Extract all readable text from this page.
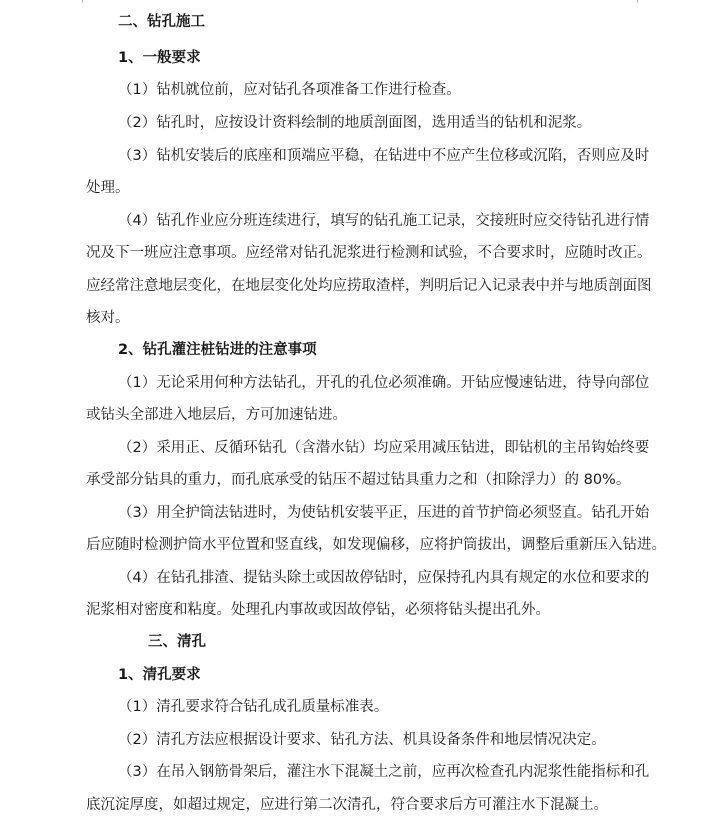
二、钻孔施工
1、一般要求
（1）钻机就位前，应对钻孔各项准备工作进行检查。
（2）钻孔时，应按设计资料绘制的地质剖面图，选用适当的钻机和泥浆。
（3）钻机安装后的底座和顶端应平稳，在钻进中不应产生位移或沉陷，否则应及时
处理。
（4）钻孔作业应分班连续进行，填写的钻孔施工记录，交接班时应交待钻孔进行情
况及下一班应注意事项。应经常对钻孔泥浆进行检测和试验，不合要求时，应随时改正。
应经常注意地层变化，在地层变化处均应捞取渣样，判明后记入记录表中并与地质剖面图
核对。
2、钻孔灌注桩钻进的注意事项
（1）无论采用何种方法钻孔，开孔的孔位必须准确。开钻应慢速钻进，待导向部位
或钻头全部进入地层后，方可加速钻进。
（2）采用正、反循环钻孔（含潜水钻）均应采用减压钻进，即钻机的主吊钩始终要
承受部分钻具的重力，而孔底承受的钻压不超过钻具重力之和（扣除浮力）的 80%。
（3）用全护筒法钻进时，为使钻机安装平正，压进的首节护筒必须竖直。钻孔开始
后应随时检测护筒水平位置和竖直线，如发现偏移，应将护筒拔出，调整后重新压入钻进。
（4）在钻孔排渣、提钻头除土或因故停钻时，应保持孔内具有规定的水位和要求的
泥浆相对密度和粘度。处理孔内事故或因故停钻，必须将钻头提出孔外。
三、清孔
1、清孔要求
（1）清孔要求符合钻孔成孔质量标准表。
（2）清孔方法应根据设计要求、钻孔方法、机具设备条件和地层情况决定。
（3）在吊入钢筋骨架后，灌注水下混凝土之前，应再次检查孔内泥浆性能指标和孔
底沉淀厚度，如超过规定，应进行第二次清孔，符合要求后方可灌注水下混凝土。
